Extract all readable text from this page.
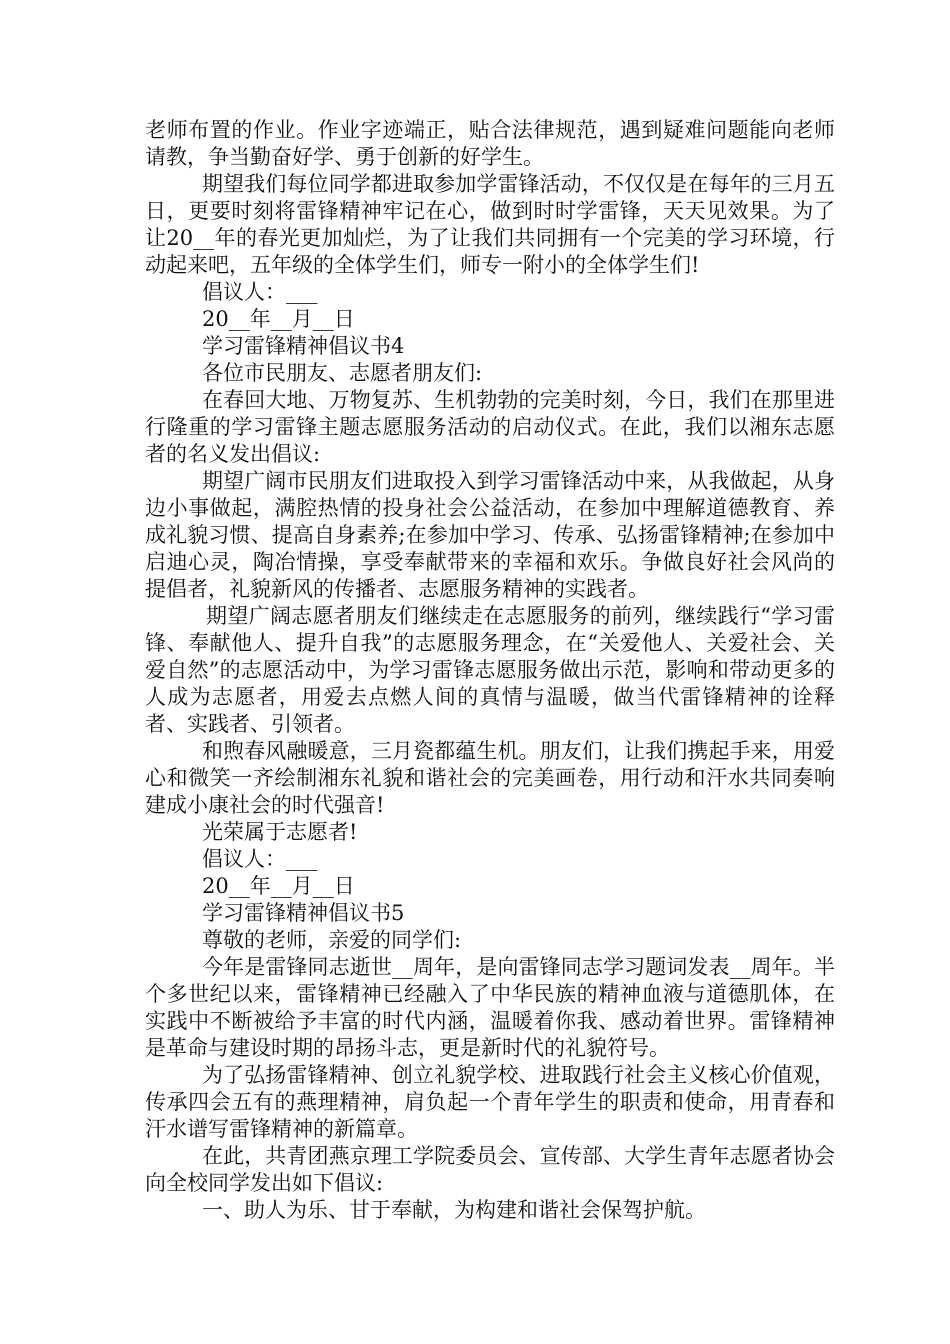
老师布置的作业。作业字迹端正，贴合法律规范，遇到疑难问题能向老师请教，争当勤奋好学、勇于创新的好学生。

期望我们每位同学都进取参加学雷锋活动，不仅仅是在每年的三月五日，更要时刻将雷锋精神牢记在心，做到时时学雷锋，天天见效果。为了让20__年的春光更加灿烂，为了让我们共同拥有一个完美的学习环境，行动起来吧，五年级的全体学生们，师专一附小的全体学生们!

倡议人：___

20__年__月__日

学习雷锋精神倡议书4

各位市民朋友、志愿者朋友们:

在春回大地、万物复苏、生机勃勃的完美时刻，今日，我们在那里进行隆重的学习雷锋主题志愿服务活动的启动仪式。在此，我们以湘东志愿者的名义发出倡议:

期望广阔市民朋友们进取投入到学习雷锋活动中来，从我做起，从身边小事做起，满腔热情的投身社会公益活动，在参加中理解道德教育、养成礼貌习惯、提高自身素养;在参加中学习、传承、弘扬雷锋精神;在参加中启迪心灵，陶冶情操，享受奉献带来的幸福和欢乐。争做良好社会风尚的提倡者，礼貌新风的传播者、志愿服务精神的实践者。

期望广阔志愿者朋友们继续走在志愿服务的前列，继续践行“学习雷锋、奉献他人、提升自我”的志愿服务理念，在“关爱他人、关爱社会、关爱自然”的志愿活动中，为学习雷锋志愿服务做出示范，影响和带动更多的人成为志愿者，用爱去点燃人间的真情与温暖，做当代雷锋精神的诠释者、实践者、引领者。

和煦春风融暖意，三月瓷都蕴生机。朋友们，让我们携起手来，用爱心和微笑一齐绘制湘东礼貌和谐社会的完美画卷，用行动和汗水共同奏响建成小康社会的时代强音!

光荣属于志愿者!

倡议人：___

20__年__月__日

学习雷锋精神倡议书5

尊敬的老师，亲爱的同学们:

今年是雷锋同志逝世__周年，是向雷锋同志学习题词发表__周年。半个多世纪以来，雷锋精神已经融入了中华民族的精神血液与道德肌体，在实践中不断被给予丰富的时代内涵，温暖着你我、感动着世界。雷锋精神是革命与建设时期的昂扬斗志，更是新时代的礼貌符号。

为了弘扬雷锋精神、创立礼貌学校、进取践行社会主义核心价值观，传承四会五有的燕理精神，肩负起一个青年学生的职责和使命，用青春和汗水谱写雷锋精神的新篇章。

在此，共青团燕京理工学院委员会、宣传部、大学生青年志愿者协会向全校同学发出如下倡议:

一、助人为乐、甘于奉献，为构建和谐社会保驾护航。
